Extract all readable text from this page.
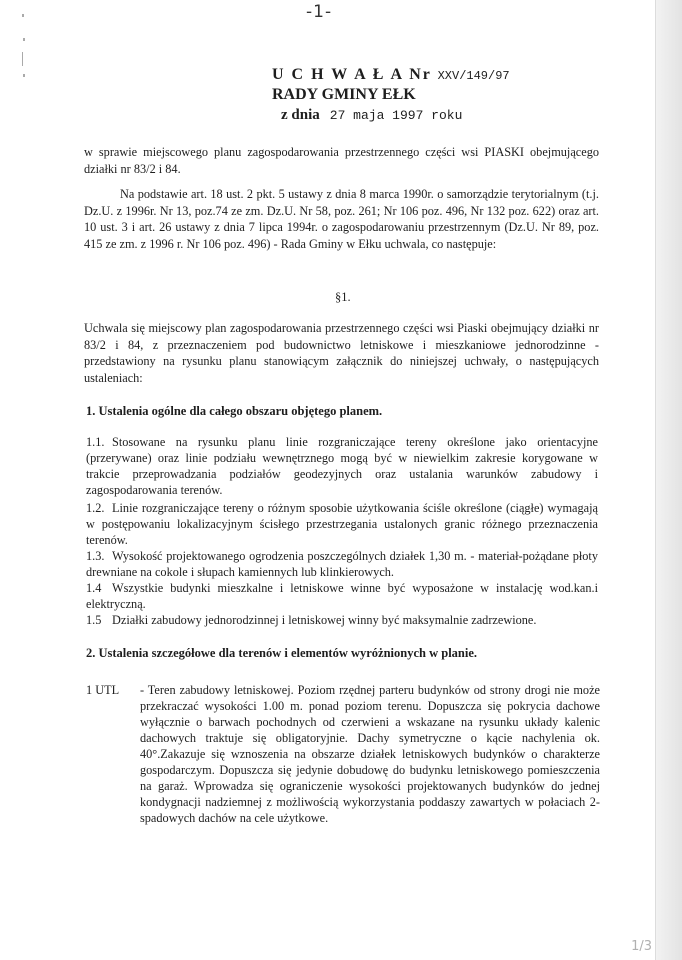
-1-
U C H W A Ł A Nr XXV/149/97
RADY GMINY EŁK
z dnia 27 maja 1997 roku
w sprawie miejscowego planu zagospodarowania przestrzennego części wsi PIASKI obejmującego działki nr 83/2 i 84.
Na podstawie art. 18 ust. 2 pkt. 5 ustawy z dnia 8 marca 1990r. o samorządzie terytorialnym (t.j. Dz.U. z 1996r. Nr 13, poz.74 ze zm. Dz.U. Nr 58, poz. 261; Nr 106 poz. 496, Nr 132 poz. 622) oraz art. 10 ust. 3 i art. 26 ustawy z dnia 7 lipca 1994r. o zagospodarowaniu przestrzennym (Dz.U. Nr 89, poz. 415 ze zm. z 1996 r. Nr 106 poz. 496) - Rada Gminy w Ełku uchwala, co następuje:
§1.
Uchwala się miejscowy plan zagospodarowania przestrzennego części wsi Piaski obejmujący działki nr 83/2 i 84, z przeznaczeniem pod budownictwo letniskowe i mieszkaniowe jednorodzinne - przedstawiony na rysunku planu stanowiącym załącznik do niniejszej uchwały, o następujących ustaleniach:
1. Ustalenia ogólne dla całego obszaru objętego planem.
1.1. Stosowane na rysunku planu linie rozgraniczające tereny określone jako orientacyjne (przerywane) oraz linie podziału wewnętrznego mogą być w niewielkim zakresie korygowane w trakcie przeprowadzania podziałów geodezyjnych oraz ustalania warunków zabudowy i zagospodarowania terenów.
1.2. Linie rozgraniczające tereny o różnym sposobie użytkowania ściśle określone (ciągłe) wymagają w postępowaniu lokalizacyjnym ścisłego przestrzegania ustalonych granic różnego przeznaczenia terenów.
1.3. Wysokość projektowanego ogrodzenia poszczególnych działek 1,30 m. - materiał-pożądane płoty drewniane na cokole i słupach kamiennych lub klinkierowych.
1.4 Wszystkie budynki mieszkalne i letniskowe winne być wyposażone w instalację wod.kan.i elektryczną.
1.5 Działki zabudowy jednorodzinnej i letniskowej winny być maksymalnie zadrzewione.
2. Ustalenia szczegółowe dla terenów i elementów wyróżnionych w planie.
1 UTL - Teren zabudowy letniskowej. Poziom rzędnej parteru budynków od strony drogi nie może przekraczać wysokości 1.00 m. ponad poziom terenu. Dopuszcza się pokrycia dachowe wyłącznie o barwach pochodnych od czerwieni a wskazane na rysunku układy kalenic dachowych traktuje się obligatoryjnie. Dachy symetryczne o kącie nachylenia ok. 40°.Zakazuje się wznoszenia na obszarze działek letniskowych budynków o charakterze gospodarczym. Dopuszcza się jedynie dobudowę do budynku letniskowego pomieszczenia na garaż. Wprowadza się ograniczenie wysokości projektowanych budynków do jednej kondygnacji nadziemnej z możliwością wykorzystania poddaszy zawartych w połaciach 2-spadowych dachów na cele użytkowe.
1/3
